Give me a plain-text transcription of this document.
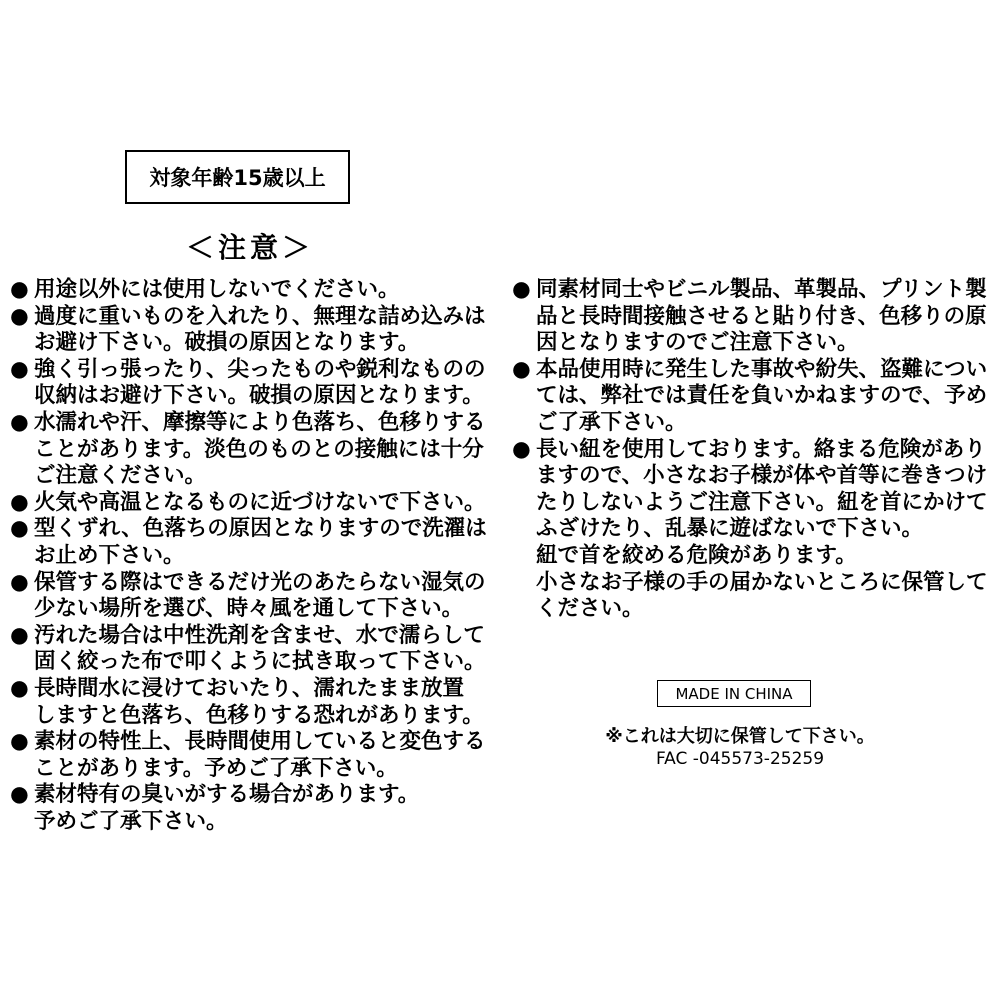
対象年齢15歳以上
＜注意＞
● 用途以外には使用しないでください。
● 過度に重いものを入れたり、無理な詰め込みは
お避け下さい。破損の原因となります。
● 強く引っ張ったり、尖ったものや鋭利なものの
収納はお避け下さい。破損の原因となります。
● 水濡れや汗、摩擦等により色落ち、色移りする
ことがあります。淡色のものとの接触には十分
ご注意ください。
● 火気や高温となるものに近づけないで下さい。
● 型くずれ、色落ちの原因となりますので洗濯は
お止め下さい。
● 保管する際はできるだけ光のあたらない湿気の
少ない場所を選び、時々風を通して下さい。
● 汚れた場合は中性洗剤を含ませ、水で濡らして
固く絞った布で叩くように拭き取って下さい。
● 長時間水に浸けておいたり、濡れたまま放置
しますと色落ち、色移りする恐れがあります。
● 素材の特性上、長時間使用していると変色する
ことがあります。予めご了承下さい。
● 素材特有の臭いがする場合があります。
予めご了承下さい。
● 同素材同士やビニル製品、革製品、プリント製
品と長時間接触させると貼り付き、色移りの原
因となりますのでご注意下さい。
● 本品使用時に発生した事故や紛失、盗難につい
ては、弊社では責任を負いかねますので、予め
ご了承下さい。
● 長い紐を使用しております。絡まる危険があり
ますので、小さなお子様が体や首等に巻きつけ
たりしないようご注意下さい。紐を首にかけて
ふざけたり、乱暴に遊ばないで下さい。
紐で首を絞める危険があります。
小さなお子様の手の届かないところに保管して
ください。
MADE IN CHINA
※これは大切に保管して下さい。
FAC -045573-25259
